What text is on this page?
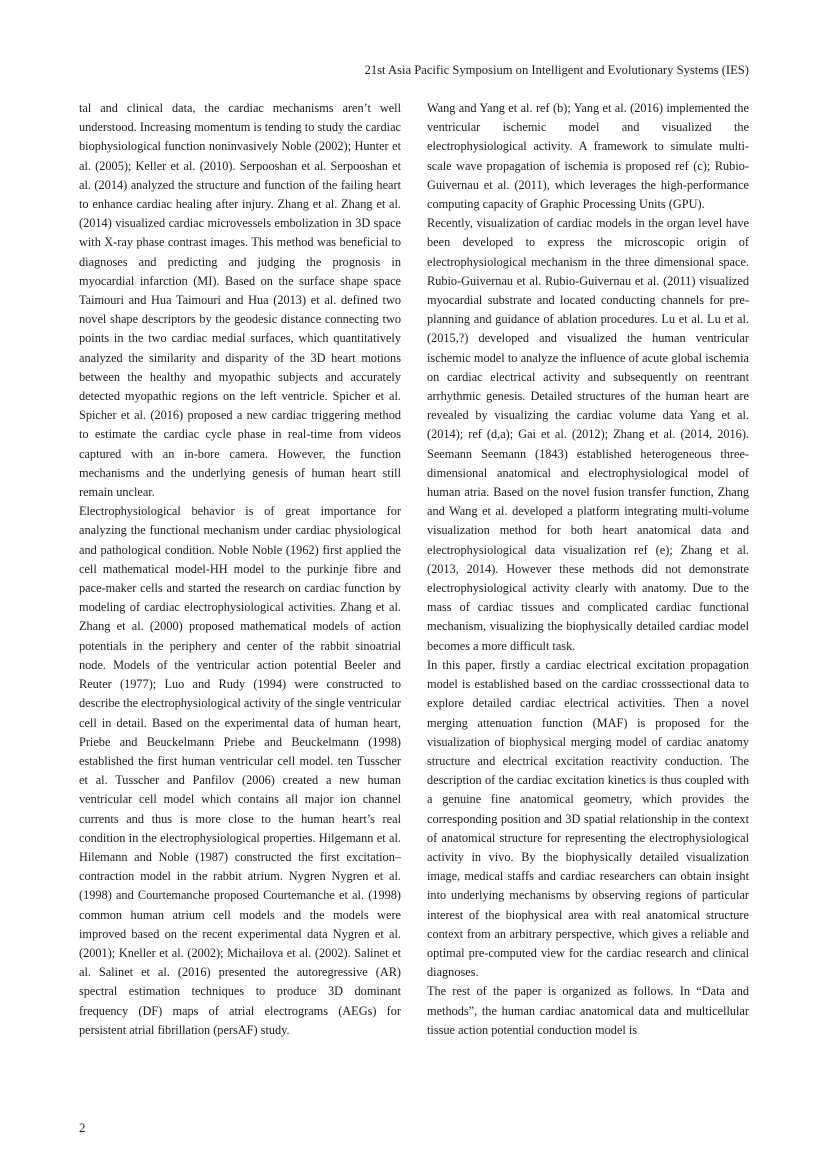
21st Asia Pacific Symposium on Intelligent and Evolutionary Systems (IES)

tal and clinical data, the cardiac mechanisms aren’t well understood. Increasing momentum is tending to study the cardiac biophysiological function noninvasively Noble (2002); Hunter et al. (2005); Keller et al. (2010). Serpooshan et al. Serpooshan et al. (2014) analyzed the structure and function of the failing heart to enhance cardiac healing after injury. Zhang et al. Zhang et al. (2014) visualized cardiac microvessels embolization in 3D space with X-ray phase contrast images. This method was beneficial to diagnoses and predicting and judging the prognosis in myocardial infarction (MI). Based on the surface shape space Taimouri and Hua Taimouri and Hua (2013) et al. defined two novel shape descriptors by the geodesic distance connecting two points in the two cardiac medial surfaces, which quantitatively analyzed the similarity and disparity of the 3D heart motions between the healthy and myopathic subjects and accurately detected myopathic regions on the left ventricle. Spicher et al. Spicher et al. (2016) proposed a new cardiac triggering method to estimate the cardiac cycle phase in real-time from videos captured with an in-bore camera. However, the function mechanisms and the underlying genesis of human heart still remain unclear.

Electrophysiological behavior is of great importance for analyzing the functional mechanism under cardiac physiological and pathological condition. Noble Noble (1962) first applied the cell mathematical model-HH model to the purkinje fibre and pace-maker cells and started the research on cardiac function by modeling of cardiac electrophysiological activities. Zhang et al. Zhang et al. (2000) proposed mathematical models of action potentials in the periphery and center of the rabbit sinoatrial node. Models of the ventricular action potential Beeler and Reuter (1977); Luo and Rudy (1994) were constructed to describe the electrophysiological activity of the single ventricular cell in detail. Based on the experimental data of human heart, Priebe and Beuckelmann Priebe and Beuckelmann (1998) established the first human ventricular cell model. ten Tusscher et al. Tusscher and Panfilov (2006) created a new human ventricular cell model which contains all major ion channel currents and thus is more close to the human heart’s real condition in the electrophysiological properties. Hilgemann et al. Hilemann and Noble (1987) constructed the first excitation–contraction model in the rabbit atrium. Nygren Nygren et al. (1998) and Courtemanche proposed Courtemanche et al. (1998) common human atrium cell models and the models were improved based on the recent experimental data Nygren et al. (2001); Kneller et al. (2002); Michailova et al. (2002). Salinet et al. Salinet et al. (2016) presented the autoregressive (AR) spectral estimation techniques to produce 3D dominant frequency (DF) maps of atrial electrograms (AEGs) for persistent atrial fibrillation (persAF) study.

Wang and Yang et al. ref (b); Yang et al. (2016) implemented the ventricular ischemic model and visualized the electrophysiological activity. A framework to simulate multi-scale wave propagation of ischemia is proposed ref (c); Rubio-Guivernau et al. (2011), which leverages the high-performance computing capacity of Graphic Processing Units (GPU).

Recently, visualization of cardiac models in the organ level have been developed to express the microscopic origin of electrophysiological mechanism in the three dimensional space. Rubio-Guivernau et al. Rubio-Guivernau et al. (2011) visualized myocardial substrate and located conducting channels for pre-planning and guidance of ablation procedures. Lu et al. Lu et al. (2015,?) developed and visualized the human ventricular ischemic model to analyze the influence of acute global ischemia on cardiac electrical activity and subsequently on reentrant arrhythmic genesis. Detailed structures of the human heart are revealed by visualizing the cardiac volume data Yang et al. (2014); ref (d,a); Gai et al. (2012); Zhang et al. (2014, 2016). Seemann Seemann (1843) established heterogeneous three-dimensional anatomical and electrophysiological model of human atria. Based on the novel fusion transfer function, Zhang and Wang et al. developed a platform integrating multi-volume visualization method for both heart anatomical data and electrophysiological data visualization ref (e); Zhang et al. (2013, 2014). However these methods did not demonstrate electrophysiological activity clearly with anatomy. Due to the mass of cardiac tissues and complicated cardiac functional mechanism, visualizing the biophysically detailed cardiac model becomes a more difficult task.

In this paper, firstly a cardiac electrical excitation propagation model is established based on the cardiac crosssectional data to explore detailed cardiac electrical activities. Then a novel merging attenuation function (MAF) is proposed for the visualization of biophysical merging model of cardiac anatomy structure and electrical excitation reactivity conduction. The description of the cardiac excitation kinetics is thus coupled with a genuine fine anatomical geometry, which provides the corresponding position and 3D spatial relationship in the context of anatomical structure for representing the electrophysiological activity in vivo. By the biophysically detailed visualization image, medical staffs and cardiac researchers can obtain insight into underlying mechanisms by observing regions of particular interest of the biophysical area with real anatomical structure context from an arbitrary perspective, which gives a reliable and optimal pre-computed view for the cardiac research and clinical diagnoses.

The rest of the paper is organized as follows. In “Data and methods”, the human cardiac anatomical data and multicellular tissue action potential conduction model is

2
